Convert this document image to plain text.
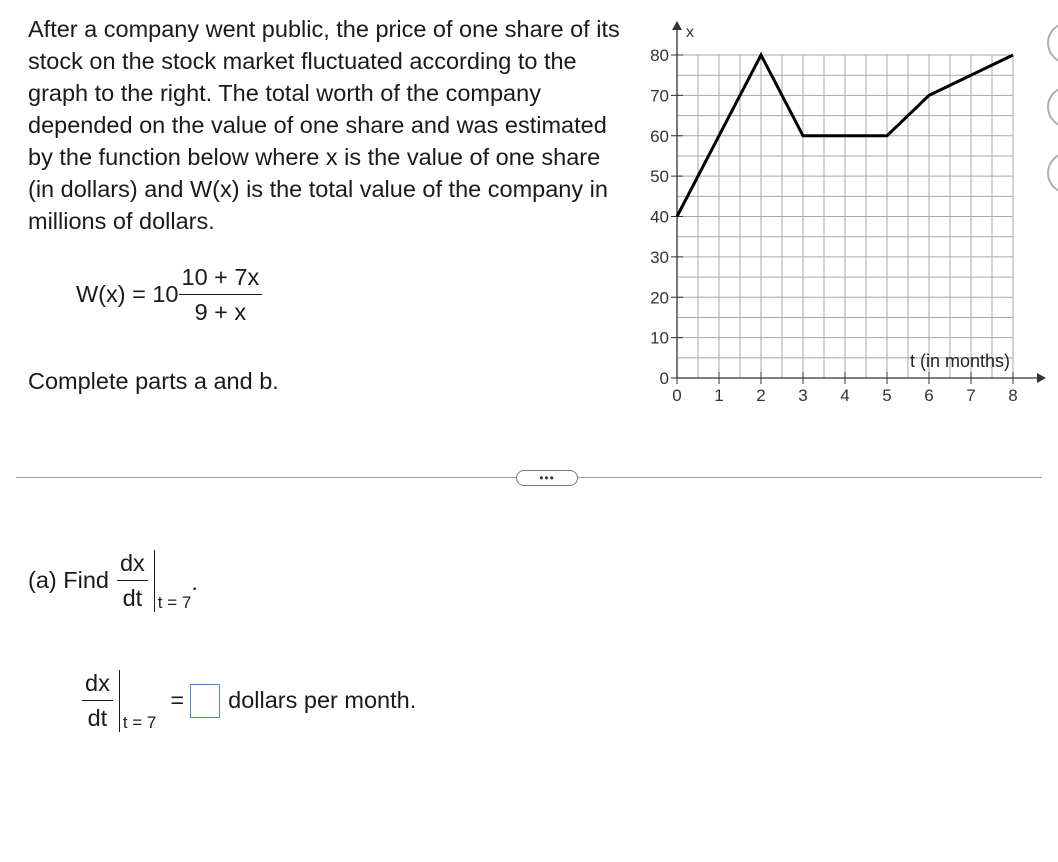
After a company went public, the price of one share of its stock on the stock market fluctuated according to the graph to the right. The total worth of the company depended on the value of one share and was estimated by the function below where x is the value of one share (in dollars) and W(x) is the total value of the company in millions of dollars.

$W(x) = 10 \frac{10 + 7x}{9 + x}$
Complete parts a and b.
•••
(a) Find $\frac{dx}{dt}$ t = 7
.
$\frac{dx}{dt}$ t = 7
= dollars per month.
0 1 2 3 4 5 6 7 8
0
10
20
30
40
50
60
70
80
x
t (in months)
